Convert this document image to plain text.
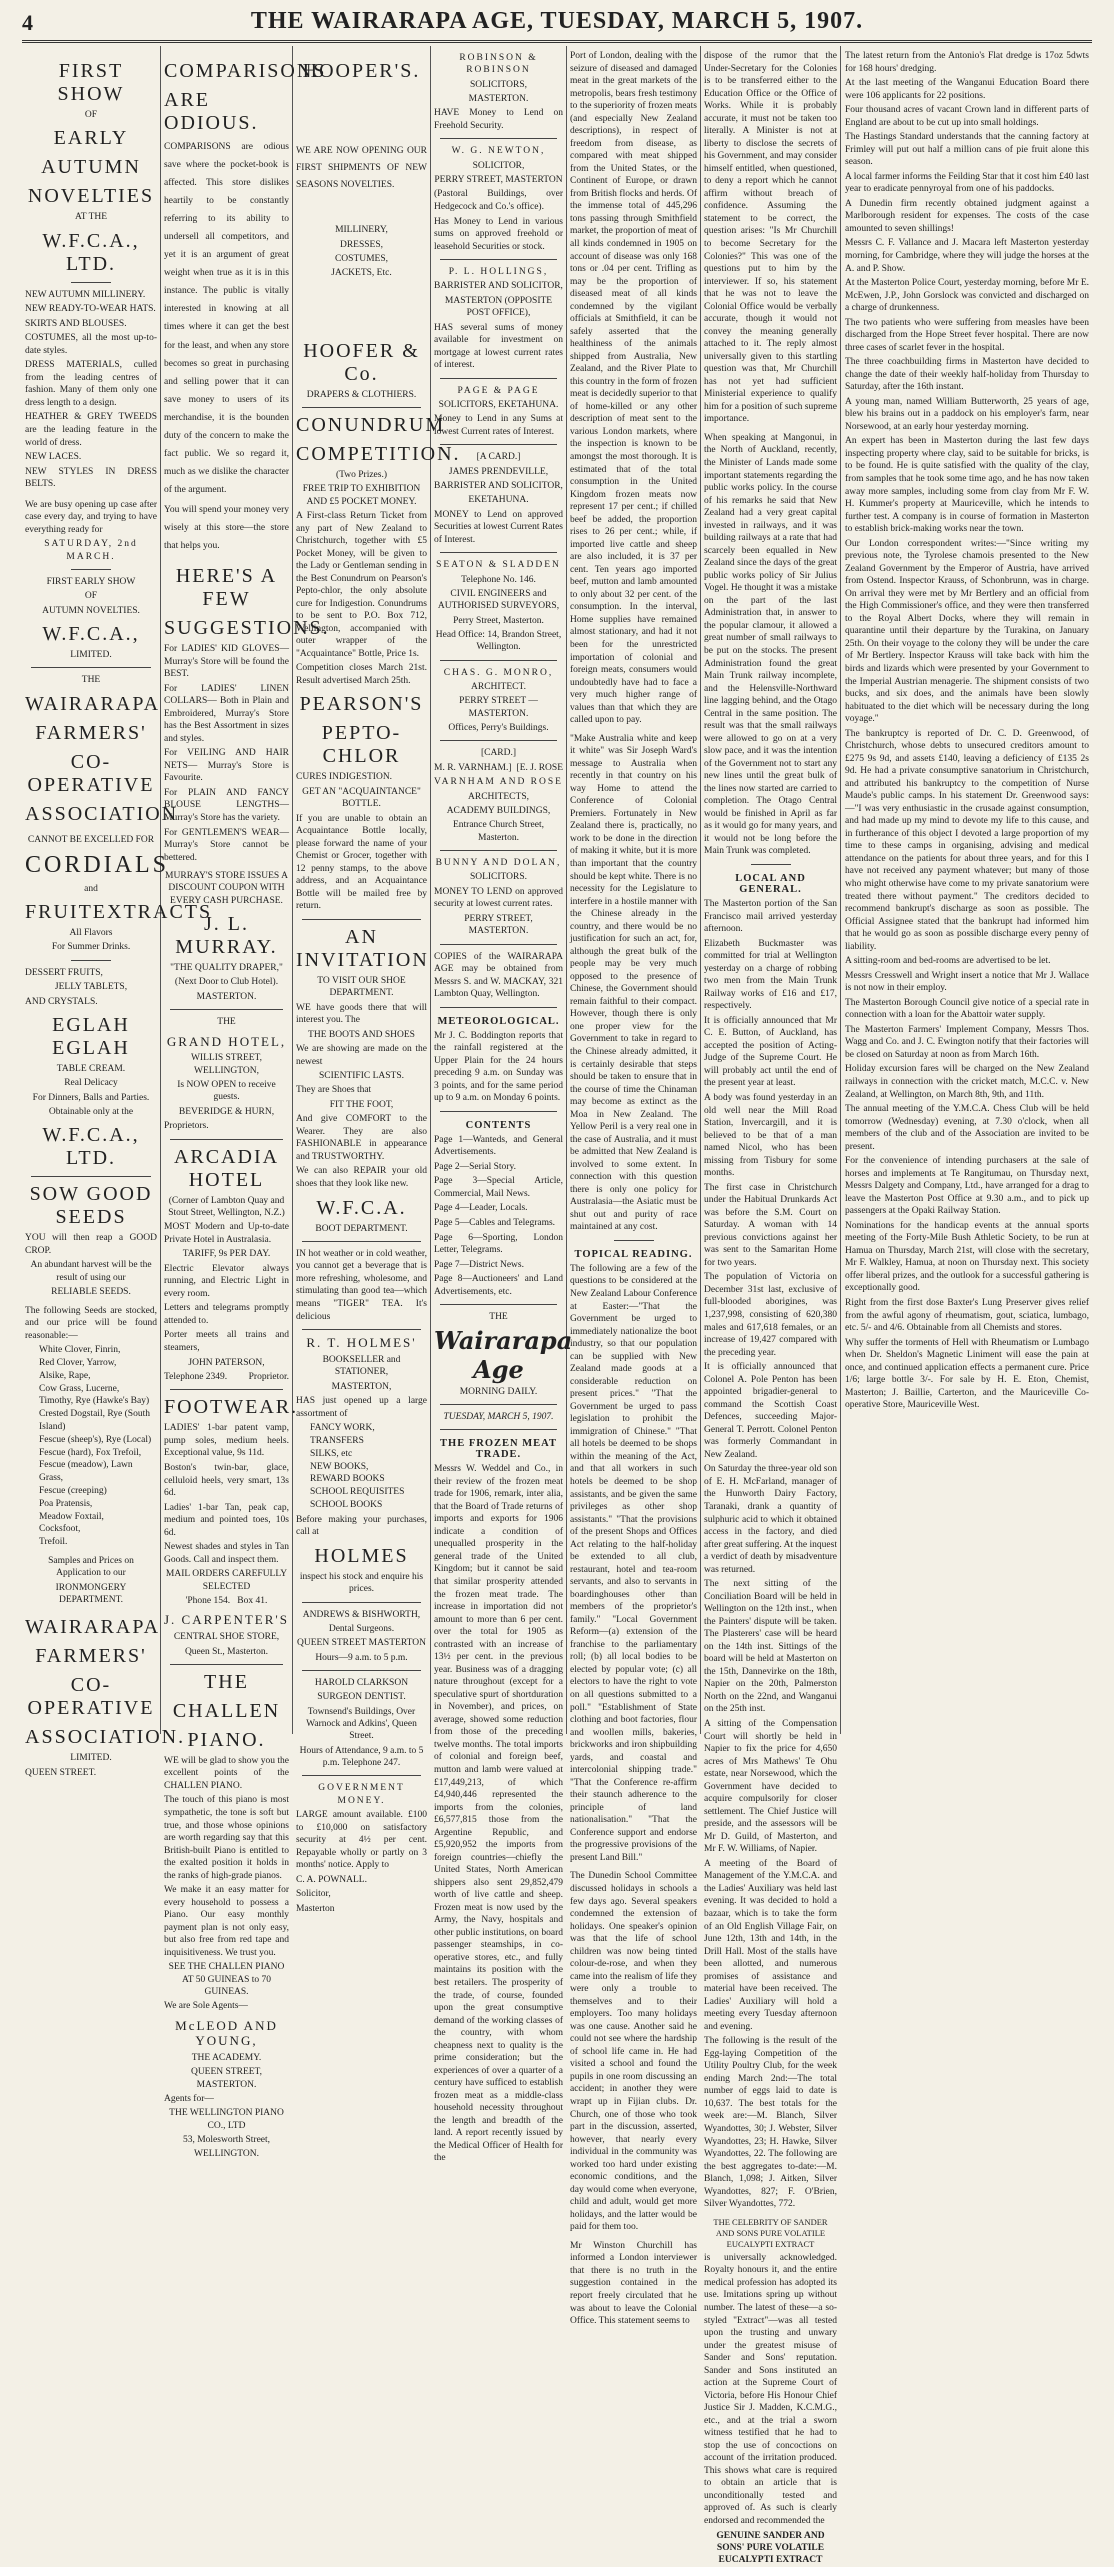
4	THE WAIRARAPA AGE, TUESDAY, MARCH 5, 1907.
FIRST SHOW
OF
EARLY
AUTUMN
NOVELTIES
AT THE
W.F.C.A., LTD.
NEW AUTUMN MILLINERY.
NEW READY-TO-WEAR HATS.
SKIRTS AND BLOUSES.
COSTUMES, all the most up-to-date styles.
DRESS MATERIALS, culled from the leading centres of fashion. Many of them only one dress length to a design.
HEATHER & GREY TWEEDS are the leading feature in the world of dress.
NEW LACES.
NEW STYLES IN DRESS BELTS.
We are busy opening up case after case every day, and trying to have everything ready for
SATURDAY, 2nd MARCH.
FIRST EARLY SHOW
OF
AUTUMN NOVELTIES.
W.F.C.A.,
LIMITED.
THE
WAIRARAPA
FARMERS'
CO-OPERATIVE
ASSOCIATION
CANNOT BE EXCELLED FOR
CORDIALS
and
FRUITEXTRACTS
All Flavors
For Summer Drinks.
DESSERT FRUITS,
JELLY TABLETS,
AND CRYSTALS.
EGLAH EGLAH
TABLE CREAM.
Real Delicacy
For Dinners, Balls and Parties.
Obtainable only at the
W.F.C.A., LTD.
SOW GOOD SEEDS
YOU will then reap a GOOD CROP.
An abundant harvest will be the result of using our
RELIABLE SEEDS.
The following Seeds are stocked, and our price will be found reasonable:—
White Clover, Finrin,
Red Clover, Yarrow,
Alsike, Rape,
Cow Grass, Lucerne,
Timothy, Rye (Hawke's Bay)
Crested Dogstail, Rye (South Island)
Fescue (sheep's), Rye (Local)
Fescue (hard), Fox Trefoil,
Fescue (meadow), Lawn Grass,
Fescue (creeping)
Poa Pratensis,
Meadow Foxtail,
Cocksfoot,
Trefoil.
Samples and Prices on Application to our
IRONMONGERY DEPARTMENT.
WAIRARAPA
FARMERS'
CO-OPERATIVE
ASSOCIATION.
LIMITED.
QUEEN STREET.
COMPARISONS
ARE ODIOUS.
COMPARISONS are odious save where the pocket-book is affected. This store dislikes heartily to be constantly referring to its ability to undersell all competitors, and yet it is an argument of great weight when true as it is in this instance. The public is vitally interested in knowing at all times where it can get the best for the least, and when any store becomes so great in purchasing and selling power that it can save money to users of its merchandise, it is the bounden duty of the concern to make the fact public. We so regard it, much as we dislike the character of the argument.
You will spend your money very wisely at this store—the store that helps you.
HERE'S A FEW
SUGGESTIONS.
For LADIES' KID GLOVES— Murray's Store will be found the BEST.
For LADIES' LINEN COLLARS— Both in Plain and Embroidered, Murray's Store has the Best Assortment in sizes and styles.
For VEILING AND HAIR NETS— Murray's Store is Favourite.
For PLAIN AND FANCY BLOUSE LENGTHS—Murray's Store has the variety.
For GENTLEMEN'S WEAR— Murray's Store cannot be bettered.
MURRAY'S STORE ISSUES A DISCOUNT COUPON WITH EVERY CASH PURCHASE.
J. L. MURRAY.
"THE QUALITY DRAPER,"
(Next Door to Club Hotel).
MASTERTON.
THE
GRAND HOTEL,
WILLIS STREET, WELLINGTON,
Is NOW OPEN to receive guests.
BEVERIDGE & HURN,
Proprietors.
ARCADIA HOTEL
(Corner of Lambton Quay and Stout Street, Wellington, N.Z.)
MOST Modern and Up-to-date Private Hotel in Australasia.
TARIFF, 9s PER DAY.
Electric Elevator always running, and Electric Light in every room.
Letters and telegrams promptly attended to.
Porter meets all trains and steamers,
JOHN PATERSON,
Telephone 2349. Proprietor.
FOOTWEAR.
LADIES' 1-bar patent vamp, pump soles, medium heels. Exceptional value, 9s 11d.
Boston's twin-bar, glace, celluloid heels, very smart, 13s 6d.
Ladies' 1-bar Tan, peak cap, medium and pointed toes, 10s 6d.
Newest shades and styles in Tan Goods. Call and inspect them.
MAIL ORDERS CAREFULLY SELECTED
'Phone 154. Box 41.
J. CARPENTER'S
CENTRAL SHOE STORE,
Queen St., Masterton.
THE
CHALLEN
PIANO.
WE will be glad to show you the excellent points of the CHALLEN PIANO.
The touch of this piano is most sympathetic, the tone is soft but true, and those whose opinions are worth regarding say that this British-built Piano is entitled to the exalted position it holds in the ranks of high-grade pianos.
We make it an easy matter for every household to possess a Piano. Our easy monthly payment plan is not only easy, but also free from red tape and inquisitiveness. We trust you.
SEE THE CHALLEN PIANO AT 50 GUINEAS to 70 GUINEAS.
We are Sole Agents—
McLEOD AND YOUNG,
THE ACADEMY.
QUEEN STREET, MASTERTON.
Agents for—
THE WELLINGTON PIANO CO., LTD
53, Molesworth Street,
WELLINGTON.
HOOPER'S.
WE ARE NOW OPENING OUR FIRST SHIPMENTS OF NEW SEASONS NOVELTIES.
MILLINERY,
DRESSES,
COSTUMES,
JACKETS, Etc.
HOOFER & Co.
DRAPERS & CLOTHIERS.
CONUNDRUM
COMPETITION.
(Two Prizes.)
FREE TRIP TO EXHIBITION AND £5 POCKET MONEY.
A First-class Return Ticket from any part of New Zealand to Christchurch, together with £5 Pocket Money, will be given to the Lady or Gentleman sending in the Best Conundrum on Pearson's Pepto-chlor, the only absolute cure for Indigestion. Conundrums to be sent to P.O. Box 712, Wellington, accompanied with outer wrapper of the "Acquaintance" Bottle, Price 1s.
Competition closes March 21st. Result advertised March 25th.
PEARSON'S
PEPTO-CHLOR
CURES INDIGESTION.
GET AN "ACQUAINTANCE" BOTTLE.
If you are unable to obtain an Acquaintance Bottle locally, please forward the name of your Chemist or Grocer, together with 12 penny stamps, to the above address, and an Acquaintance Bottle will be mailed free by return.
AN INVITATION
TO VISIT OUR SHOE DEPARTMENT.
WE have goods there that will interest you. The
THE BOOTS AND SHOES
We are showing are made on the newest
SCIENTIFIC LASTS.
They are Shoes that
FIT THE FOOT,
And give COMFORT to the Wearer. They are also FASHIONABLE in appearance and TRUSTWORTHY.
We can also REPAIR your old shoes that they look like new.
W.F.C.A.
BOOT DEPARTMENT.
IN hot weather or in cold weather, you cannot get a beverage that is more refreshing, wholesome, and stimulating than good tea—which means "TIGER" TEA. It's delicious
R. T. HOLMES'
BOOKSELLER and STATIONER,
MASTERTON,
HAS just opened up a large assortment of
FANCY WORK,
TRANSFERS
SILKS, etc
NEW BOOKS,
REWARD BOOKS
SCHOOL REQUISITES
SCHOOL BOOKS
Before making your purchases, call at
HOLMES
inspect his stock and enquire his prices.
ANDREWS & BISHWORTH,
Dental Surgeons.
QUEEN STREET MASTERTON
Hours—9 a.m. to 5 p.m.
HAROLD CLARKSON
SURGEON DENTIST.
Townsend's Buildings, Over Warnock and Adkins', Queen Street.
Hours of Attendance, 9 a.m. to 5 p.m. Telephone 247.
GOVERNMENT MONEY.
LARGE amount available. £100 to £10,000 on satisfactory security at 4½ per cent. Repayable wholly or partly on 3 months' notice. Apply to
C. A. POWNALL.
Solicitor,
Masterton
ROBINSON & ROBINSON
SOLICITORS,
MASTERTON.
HAVE Money to Lend on Freehold Security.
W. G. NEWTON,
SOLICITOR,
PERRY STREET, MASTERTON
(Pastoral Buildings, over Hedgecock and Co.'s office).
Has Money to Lend in various sums on approved freehold or leasehold Securities or stock.
P. L. HOLLINGS,
BARRISTER AND SOLICITOR,
MASTERTON (OPPOSITE POST OFFICE),
HAS several sums of money available for investment on mortgage at lowest current rates of interest.
PAGE & PAGE
SOLICITORS, EKETAHUNA.
Money to Lend in any Sums at lowest Current rates of Interest.
[A CARD.]
JAMES PRENDEVILLE,
BARRISTER AND SOLICITOR,
EKETAHUNA.
MONEY to Lend on approved Securities at lowest Current Rates of Interest.
SEATON & SLADDEN
Telephone No. 146.
CIVIL ENGINEERS and AUTHORISED SURVEYORS,
Perry Street, Masterton.
Head Office: 14, Brandon Street, Wellington.
CHAS. G. MONRO,
ARCHITECT.
PERRY STREET — MASTERTON.
Offices, Perry's Buildings.
[CARD.]
M. R. VARNHAM.] [E. J. ROSE
VARNHAM AND ROSE
ARCHITECTS,
ACADEMY BUILDINGS,
Entrance Church Street, Masterton.
BUNNY AND DOLAN,
SOLICITORS.
MONEY TO LEND on approved security at lowest current rates.
PERRY STREET, MASTERTON.
COPIES of the WAIRARAPA AGE may be obtained from Messrs S. and W. MACKAY, 321 Lambton Quay, Wellington.
METEOROLOGICAL.
Mr J. C. Boddington reports that the rainfall registered at the Upper Plain for the 24 hours preceding 9 a.m. on Sunday was 3 points, and for the same period up to 9 a.m. on Monday 6 points.
CONTENTS
Page 1—Wanteds, and General Advertisements.
Page 2—Serial Story.
Page 3—Special Article, Commercial, Mail News.
Page 4—Leader, Locals.
Page 5—Cables and Telegrams.
Page 6—Sporting, London Letter, Telegrams.
Page 7—District News.
Page 8—Auctioneers' and Land Advertisements, etc.
THE
Wairarapa Age
MORNING DAILY.
TUESDAY, MARCH 5, 1907.
THE FROZEN MEAT TRADE.
Messrs W. Weddel and Co., in their review of the frozen meat trade for 1906, remark, inter alia, that the Board of Trade returns of imports and exports for 1906 indicate a condition of unequalled prosperity in the general trade of the United Kingdom; but it cannot be said that similar prosperity attended the frozen meat trade. The increase in importation did not amount to more than 6 per cent. over the total for 1905 as contrasted with an increase of 13½ per cent. in the previous year. Business was of a dragging nature throughout (except for a speculative spurt of shortduration in November), and prices, on average, showed some reduction from those of the preceding twelve months. The total imports of colonial and foreign beef, mutton and lamb were valued at £17,449,213, of which £4,940,446 represented the imports from the colonies, £6,577,815 those from the Argentine Republic, and £5,920,952 the imports from foreign countries—chiefly the United States, North American shippers also sent 29,852,479 worth of live cattle and sheep. Frozen meat is now used by the Army, the Navy, hospitals and other public institutions, on board passenger steamships, in co-operative stores, etc., and fully maintains its position with the best retailers. The prosperity of the trade, of course, founded upon the great consumptive demand of the working classes of the country, with whom cheapness next to quality is the prime consideration; but the experiences of over a quarter of a century have sufficed to establish frozen meat as a middle-class household necessity throughout the length and breadth of the land. A report recently issued by the Medical Officer of Health for the
Port of London, dealing with the seizure of diseased and damaged meat in the great markets of the metropolis, bears fresh testimony to the superiority of frozen meats (and especially New Zealand descriptions), in respect of freedom from disease, as compared with meat shipped from the United States, or the Continent of Europe, or drawn from British flocks and herds. Of the immense total of 445,296 tons passing through Smithfield market, the proportion of meat of all kinds condemned in 1905 on account of disease was only 168 tons or .04 per cent. Trifling as may be the proportion of diseased meat of all kinds condemned by the vigilant officials at Smithfield, it can be safely asserted that the healthiness of the animals shipped from Australia, New Zealand, and the River Plate to this country in the form of frozen meat is decidedly superior to that of home-killed or any other description of meat sent to the various London markets, where the inspection is known to be amongst the most thorough. It is estimated that of the total consumption in the United Kingdom frozen meats now represent 17 per cent.; if chilled beef be added, the proportion rises to 26 per cent.; while, if imported live cattle and sheep are also included, it is 37 per cent. Ten years ago imported beef, mutton and lamb amounted to only about 32 per cent. of the consumption. In the interval, Home supplies have remained almost stationary, and had it not been for the unrestricted importation of colonial and foreign meats, consumers would undoubtedly have had to face a very much higher range of values than that which they are called upon to pay.
"Make Australia white and keep it white" was Sir Joseph Ward's message to Australia when recently in that country on his way Home to attend the Conference of Colonial Premiers. Fortunately in New Zealand there is, practically, no work to be done in the direction of making it white, but it is more than important that the country should be kept white. There is no necessity for the Legislature to interfere in a hostile manner with the Chinese already in the country, and there would be no justification for such an act, for, although the great bulk of the people may be very much opposed to the presence of Chinese, the Government should remain faithful to their compact. However, though there is only one proper view for the Government to take in regard to the Chinese already admitted, it is certainly desirable that steps should be taken to ensure that in the course of time the Chinaman may become as extinct as the Moa in New Zealand. The Yellow Peril is a very real one in the case of Australia, and it must be admitted that New Zealand is involved to some extent. In connection with this question there is only one policy for Australasia—the Asiatic must be shut out and purity of race maintained at any cost.
TOPICAL READING.
The following are a few of the questions to be considered at the New Zealand Labour Conference at Easter:—"That the Government be urged to immediately nationalize the boot industry, so that our population can be supplied with New Zealand made goods at a considerable reduction on present prices." "That the Government be urged to pass legislation to prohibit the immigration of Chinese." "That all hotels be deemed to be shops within the meaning of the Act, and that all workers in such hotels be deemed to be shop assistants, and be given the same privileges as other shop assistants." "That the provisions of the present Shops and Offices Act relating to the half-holiday be extended to all club, restaurant, hotel and tea-room servants, and also to servants in boardinghouses other than members of the proprietor's family." "Local Government Reform—(a) extension of the franchise to the parliamentary roll; (b) all local bodies to be elected by popular vote; (c) all electors to have the right to vote on all questions submitted to a poll." "Establishment of State clothing and boot factories, flour and woollen mills, bakeries, brickworks and iron shipbuilding yards, and coastal and intercolonial shipping trade." "That the Conference re-affirm their staunch adherence to the principle of land nationalisation." "That the Conference support and endorse the progressive provisions of the present Land Bill."
The Dunedin School Committee discussed holidays in schools a few days ago. Several speakers condemned the extension of holidays. One speaker's opinion was that the life of school children was now being tinted colour-de-rose, and when they came into the realism of life they were only a trouble to themselves and to their employers. Too many holidays was one cause. Another said he could not see where the hardship of school life came in. He had visited a school and found the pupils in one room discussing an accident; in another they were wrapt up in Fijian clubs. Dr. Church, one of those who took part in the discussion, asserted, however, that nearly every individual in the community was worked too hard under existing economic conditions, and the day would come when everyone, child and adult, would get more holidays, and the latter would be paid for them too.
Mr Winston Churchill has informed a London interviewer that there is no truth in the suggestion contained in the report freely circulated that he was about to leave the Colonial Office. This statement seems to
dispose of the rumor that the Under-Secretary for the Colonies is to be transferred either to the Education Office or the Office of Works. While it is probably accurate, it must not be taken too literally. A Minister is not at liberty to disclose the secrets of his Government, and may consider himself entitled, when questioned, to deny a report which he cannot affirm without breach of confidence. Assuming the statement to be correct, the question arises: "Is Mr Churchill to become Secretary for the Colonies?" This was one of the questions put to him by the interviewer. If so, his statement that he was not to leave the Colonial Office would be verbally accurate, though it would not convey the meaning generally attached to it. The reply almost universally given to this startling question was that, Mr Churchill has not yet had sufficient Ministerial experience to qualify him for a position of such supreme importance.
When speaking at Mangonui, in the North of Auckland, recently, the Minister of Lands made some important statements regarding the public works policy. In the course of his remarks he said that New Zealand had a very great capital invested in railways, and it was building railways at a rate that had scarcely been equalled in New Zealand since the days of the great public works policy of Sir Julius Vogel. He thought it was a mistake on the part of the last Administration that, in answer to the popular clamour, it allowed a great number of small railways to be put on the stocks. The present Administration found the great Main Trunk railway incomplete, and the Helensville-Northward line lagging behind, and the Otago Central in the same position. The result was that the small railways were allowed to go on at a very slow pace, and it was the intention of the Government not to start any new lines until the great bulk of the lines now started are carried to completion. The Otago Central would be finished in April as far as it would go for many years, and it would not be long before the Main Trunk was completed.
LOCAL AND GENERAL.
The Masterton portion of the San Francisco mail arrived yesterday afternoon.
Elizabeth Buckmaster was committed for trial at Wellington yesterday on a charge of robbing two men from the Main Trunk Railway works of £16 and £17, respectively.
It is officially announced that Mr C. E. Button, of Auckland, has accepted the position of Acting-Judge of the Supreme Court. He will probably act until the end of the present year at least.
A body was found yesterday in an old well near the Mill Road Station, Invercargill, and it is believed to be that of a man named Nicol, who has been missing from Tisbury for some months.
The first case in Christchurch under the Habitual Drunkards Act was before the S.M. Court on Saturday. A woman with 14 previous convictions against her was sent to the Samaritan Home for two years.
The population of Victoria on December 31st last, exclusive of full-blooded aborigines, was 1,237,998, consisting of 620,380 males and 617,618 females, or an increase of 19,427 compared with the preceding year.
It is officially announced that Colonel A. Pole Penton has been appointed brigadier-general to command the Scottish Coast Defences, succeeding Major-General T. Perrott. Colonel Penton was formerly Commandant in New Zealand.
On Saturday the three-year old son of E. H. McFarland, manager of the Hunworth Dairy Factory, Taranaki, drank a quantity of sulphuric acid to which it obtained access in the factory, and died after great suffering. At the inquest a verdict of death by misadventure was returned.
The next sitting of the Conciliation Board will be held in Wellington on the 12th inst., when the Painters' dispute will be taken. The Plasterers' case will be heard on the 14th inst. Sittings of the board will be held at Masterton on the 15th, Dannevirke on the 18th, Napier on the 20th, Palmerston North on the 22nd, and Wanganui on the 25th inst.
A sitting of the Compensation Court will shortly be held in Napier to fix the price for 4,650 acres of Mrs Mathews' Te Ohu estate, near Norsewood, which the Government have decided to acquire compulsorily for closer settlement. The Chief Justice will preside, and the assessors will be Mr D. Guild, of Masterton, and Mr F. W. Williams, of Napier.
A meeting of the Board of Management of the Y.M.C.A. and the Ladies' Auxiliary was held last evening. It was decided to hold a bazaar, which is to take the form of an Old English Village Fair, on June 12th, 13th and 14th, in the Drill Hall. Most of the stalls have been allotted, and numerous promises of assistance and material have been received. The Ladies' Auxiliary will hold a meeting every Tuesday afternoon and evening.
The following is the result of the Egg-laying Competition of the Utility Poultry Club, for the week ending March 2nd:—The total number of eggs laid to date is 10,637. The best totals for the week are:—M. Blanch, Silver Wyandottes, 30; J. Webster, Silver Wyandottes, 23; H. Hawke, Silver Wyandottes, 22. The following are the best aggregates to-date:—M. Blanch, 1,098; J. Aitken, Silver Wyandottes, 827; F. O'Brien, Silver Wyandottes, 772.
THE CELEBRITY OF SANDER AND SONS PURE VOLATILE EUCALYPTI EXTRACT
is universally acknowledged. Royalty honours it, and the entire medical profession has adopted its use. Imitations spring up without number. The latest of these—a so-styled "Extract"—was all tested upon the trusting and unwary under the greatest misuse of Sander and Sons' reputation. Sander and Sons instituted an action at the Supreme Court of Victoria, before His Honour Chief Justice Sir J. Madden, K.C.M.G., etc., and at the trial a sworn witness testified that he had to stop the use of concoctions on account of the irritation produced. This shows what care is required to obtain an article that is unconditionally tested and approved of. As such is clearly endorsed and recommended the
GENUINE SANDER AND SONS' PURE VOLATILE EUCALYPTI EXTRACT
The latest return from the Antonio's Flat dredge is 17oz 5dwts for 168 hours' dredging.
At the last meeting of the Wanganui Education Board there were 106 applicants for 22 positions.
Four thousand acres of vacant Crown land in different parts of England are about to be cut up into small holdings.
The Hastings Standard understands that the canning factory at Frimley will put out half a million cans of pie fruit alone this season.
A local farmer informs the Feilding Star that it cost him £40 last year to eradicate pennyroyal from one of his paddocks.
A Dunedin firm recently obtained judgment against a Marlborough resident for expenses. The costs of the case amounted to seven shillings!
Messrs C. F. Vallance and J. Macara left Masterton yesterday morning, for Cambridge, where they will judge the horses at the A. and P. Show.
At the Masterton Police Court, yesterday morning, before Mr E. McEwen, J.P., John Gorslock was convicted and discharged on a charge of drunkenness.
The two patients who were suffering from measles have been discharged from the Hope Street fever hospital. There are now three cases of scarlet fever in the hospital.
The three coachbuilding firms in Masterton have decided to change the date of their weekly half-holiday from Thursday to Saturday, after the 16th instant.
A young man, named William Butterworth, 25 years of age, blew his brains out in a paddock on his employer's farm, near Norsewood, at an early hour yesterday morning.
An expert has been in Masterton during the last few days inspecting property where clay, said to be suitable for bricks, is to be found. He is quite satisfied with the quality of the clay, from samples that he took some time ago, and he has now taken away more samples, including some from clay from Mr F. W. H. Kummer's property at Mauriceville, which he intends to further test. A company is in course of formation in Masterton to establish brick-making works near the town.
Our London correspondent writes:—"Since writing my previous note, the Tyrolese chamois presented to the New Zealand Government by the Emperor of Austria, have arrived from Ostend. Inspector Krauss, of Schonbrunn, was in charge. On arrival they were met by Mr Bertlery and an official from the High Commissioner's office, and they were then transferred to the Royal Albert Docks, where they will remain in quarantine until their departure by the Turakina, on January 25th. On their voyage to the colony they will be under the care of Mr Bertlery. Inspector Krauss will take back with him the birds and lizards which were presented by your Government to the Imperial Austrian menagerie. The shipment consists of two bucks, and six does, and the animals have been slowly habituated to the diet which will be necessary during the long voyage."
The bankruptcy is reported of Dr. C. D. Greenwood, of Christchurch, whose debts to unsecured creditors amount to £275 9s 9d, and assets £140, leaving a deficiency of £135 2s 9d. He had a private consumptive sanatorium in Christchurch, and attributed his bankruptcy to the competition of Nurse Maude's public camps. In his statement Dr. Greenwood says:—"I was very enthusiastic in the crusade against consumption, and had made up my mind to devote my life to this cause, and in furtherance of this object I devoted a large proportion of my time to these camps in organising, advising and medical attendance on the patients for about three years, and for this I have not received any payment whatever; but many of those who might otherwise have come to my private sanatorium were treated there without payment." The creditors decided to recommend bankrupt's discharge as soon as possible. The Official Assignee stated that the bankrupt had informed him that he would go as soon as possible discharge every penny of liability.
A sitting-room and bed-rooms are advertised to be let.
Messrs Cresswell and Wright insert a notice that Mr J. Wallace is not now in their employ.
The Masterton Borough Council give notice of a special rate in connection with a loan for the Abattoir water supply.
The Masterton Farmers' Implement Company, Messrs Thos. Wagg and Co. and J. C. Ewington notify that their factories will be closed on Saturday at noon as from March 16th.
Holiday excursion fares will be charged on the New Zealand railways in connection with the cricket match, M.C.C. v. New Zealand, at Wellington, on March 8th, 9th, and 11th.
The annual meeting of the Y.M.C.A. Chess Club will be held tomorrow (Wednesday) evening, at 7.30 o'clock, when all members of the club and of the Association are invited to be present.
For the convenience of intending purchasers at the sale of horses and implements at Te Rangitumau, on Thursday next, Messrs Dalgety and Company, Ltd., have arranged for a drag to leave the Masterton Post Office at 9.30 a.m., and to pick up passengers at the Opaki Railway Station.
Nominations for the handicap events at the annual sports meeting of the Forty-Mile Bush Athletic Society, to be run at Hamua on Thursday, March 21st, will close with the secretary, Mr F. Walkley, Hamua, at noon on Thursday next. This society offer liberal prizes, and the outlook for a successful gathering is exceptionally good.
Right from the first dose Baxter's Lung Preserver gives relief from the awful agony of rheumatism, gout, sciatica, lumbago, etc. 5/- and 4/6. Obtainable from all Chemists and stores.
Why suffer the torments of Hell with Rheumatism or Lumbago when Dr. Sheldon's Magnetic Liniment will ease the pain at once, and continued application effects a permanent cure. Price 1/6; large bottle 3/-. For sale by H. E. Eton, Chemist, Masterton; J. Baillie, Carterton, and the Mauriceville Co-operative Store, Mauriceville West.
